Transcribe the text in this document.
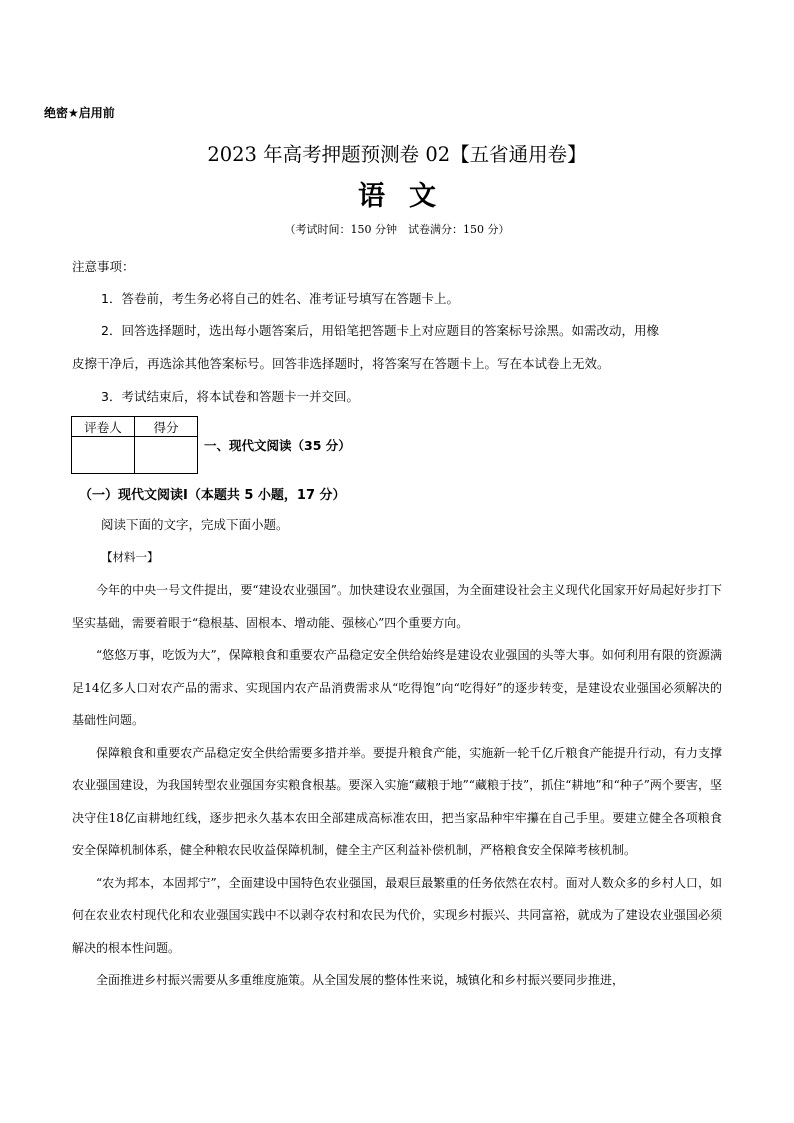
绝密★启用前
2023 年高考押题预测卷 02【五省通用卷】
语文
（考试时间：150 分钟　试卷满分：150 分）
注意事项：
1．答卷前，考生务必将自己的姓名、准考证号填写在答题卡上。
2．回答选择题时，选出每小题答案后，用铅笔把答题卡上对应题目的答案标号涂黑。如需改动，用橡
皮擦干净后，再选涂其他答案标号。回答非选择题时，将答案写在答题卡上。写在本试卷上无效。
3．考试结束后，将本试卷和答题卡一并交回。
评卷人	得分

一、现代文阅读（35 分）
（一）现代文阅读Ⅰ（本题共 5 小题，17 分）
阅读下面的文字，完成下面小题。
【材料一】

今年的中央一号文件提出，要“建设农业强国”。加快建设农业强国，为全面建设社会主义现代化国家开好局起好步打下坚实基础，需要着眼于“稳根基、固根本、增动能、强核心”四个重要方向。

“悠悠万事，吃饭为大”，保障粮食和重要农产品稳定安全供给始终是建设农业强国的头等大事。如何利用有限的资源满足14亿多人口对农产品的需求、实现国内农产品消费需求从“吃得饱”向“吃得好”的逐步转变，是建设农业强国必须解决的基础性问题。

保障粮食和重要农产品稳定安全供给需要多措并举。要提升粮食产能，实施新一轮千亿斤粮食产能提升行动，有力支撑农业强国建设，为我国转型农业强国夯实粮食根基。要深入实施“藏粮于地”“藏粮于技”，抓住“耕地”和“种子”两个要害，坚决守住18亿亩耕地红线，逐步把永久基本农田全部建成高标准农田，把当家品种牢牢攥在自己手里。要建立健全各项粮食安全保障机制体系，健全种粮农民收益保障机制，健全主产区利益补偿机制，严格粮食安全保障考核机制。

“农为邦本，本固邦宁”，全面建设中国特色农业强国，最艰巨最繁重的任务依然在农村。面对人数众多的乡村人口，如何在农业农村现代化和农业强国实践中不以剥夺农村和农民为代价，实现乡村振兴、共同富裕，就成为了建设农业强国必须解决的根本性问题。

全面推进乡村振兴需要从多重维度施策。从全国发展的整体性来说，城镇化和乡村振兴要同步推进，
